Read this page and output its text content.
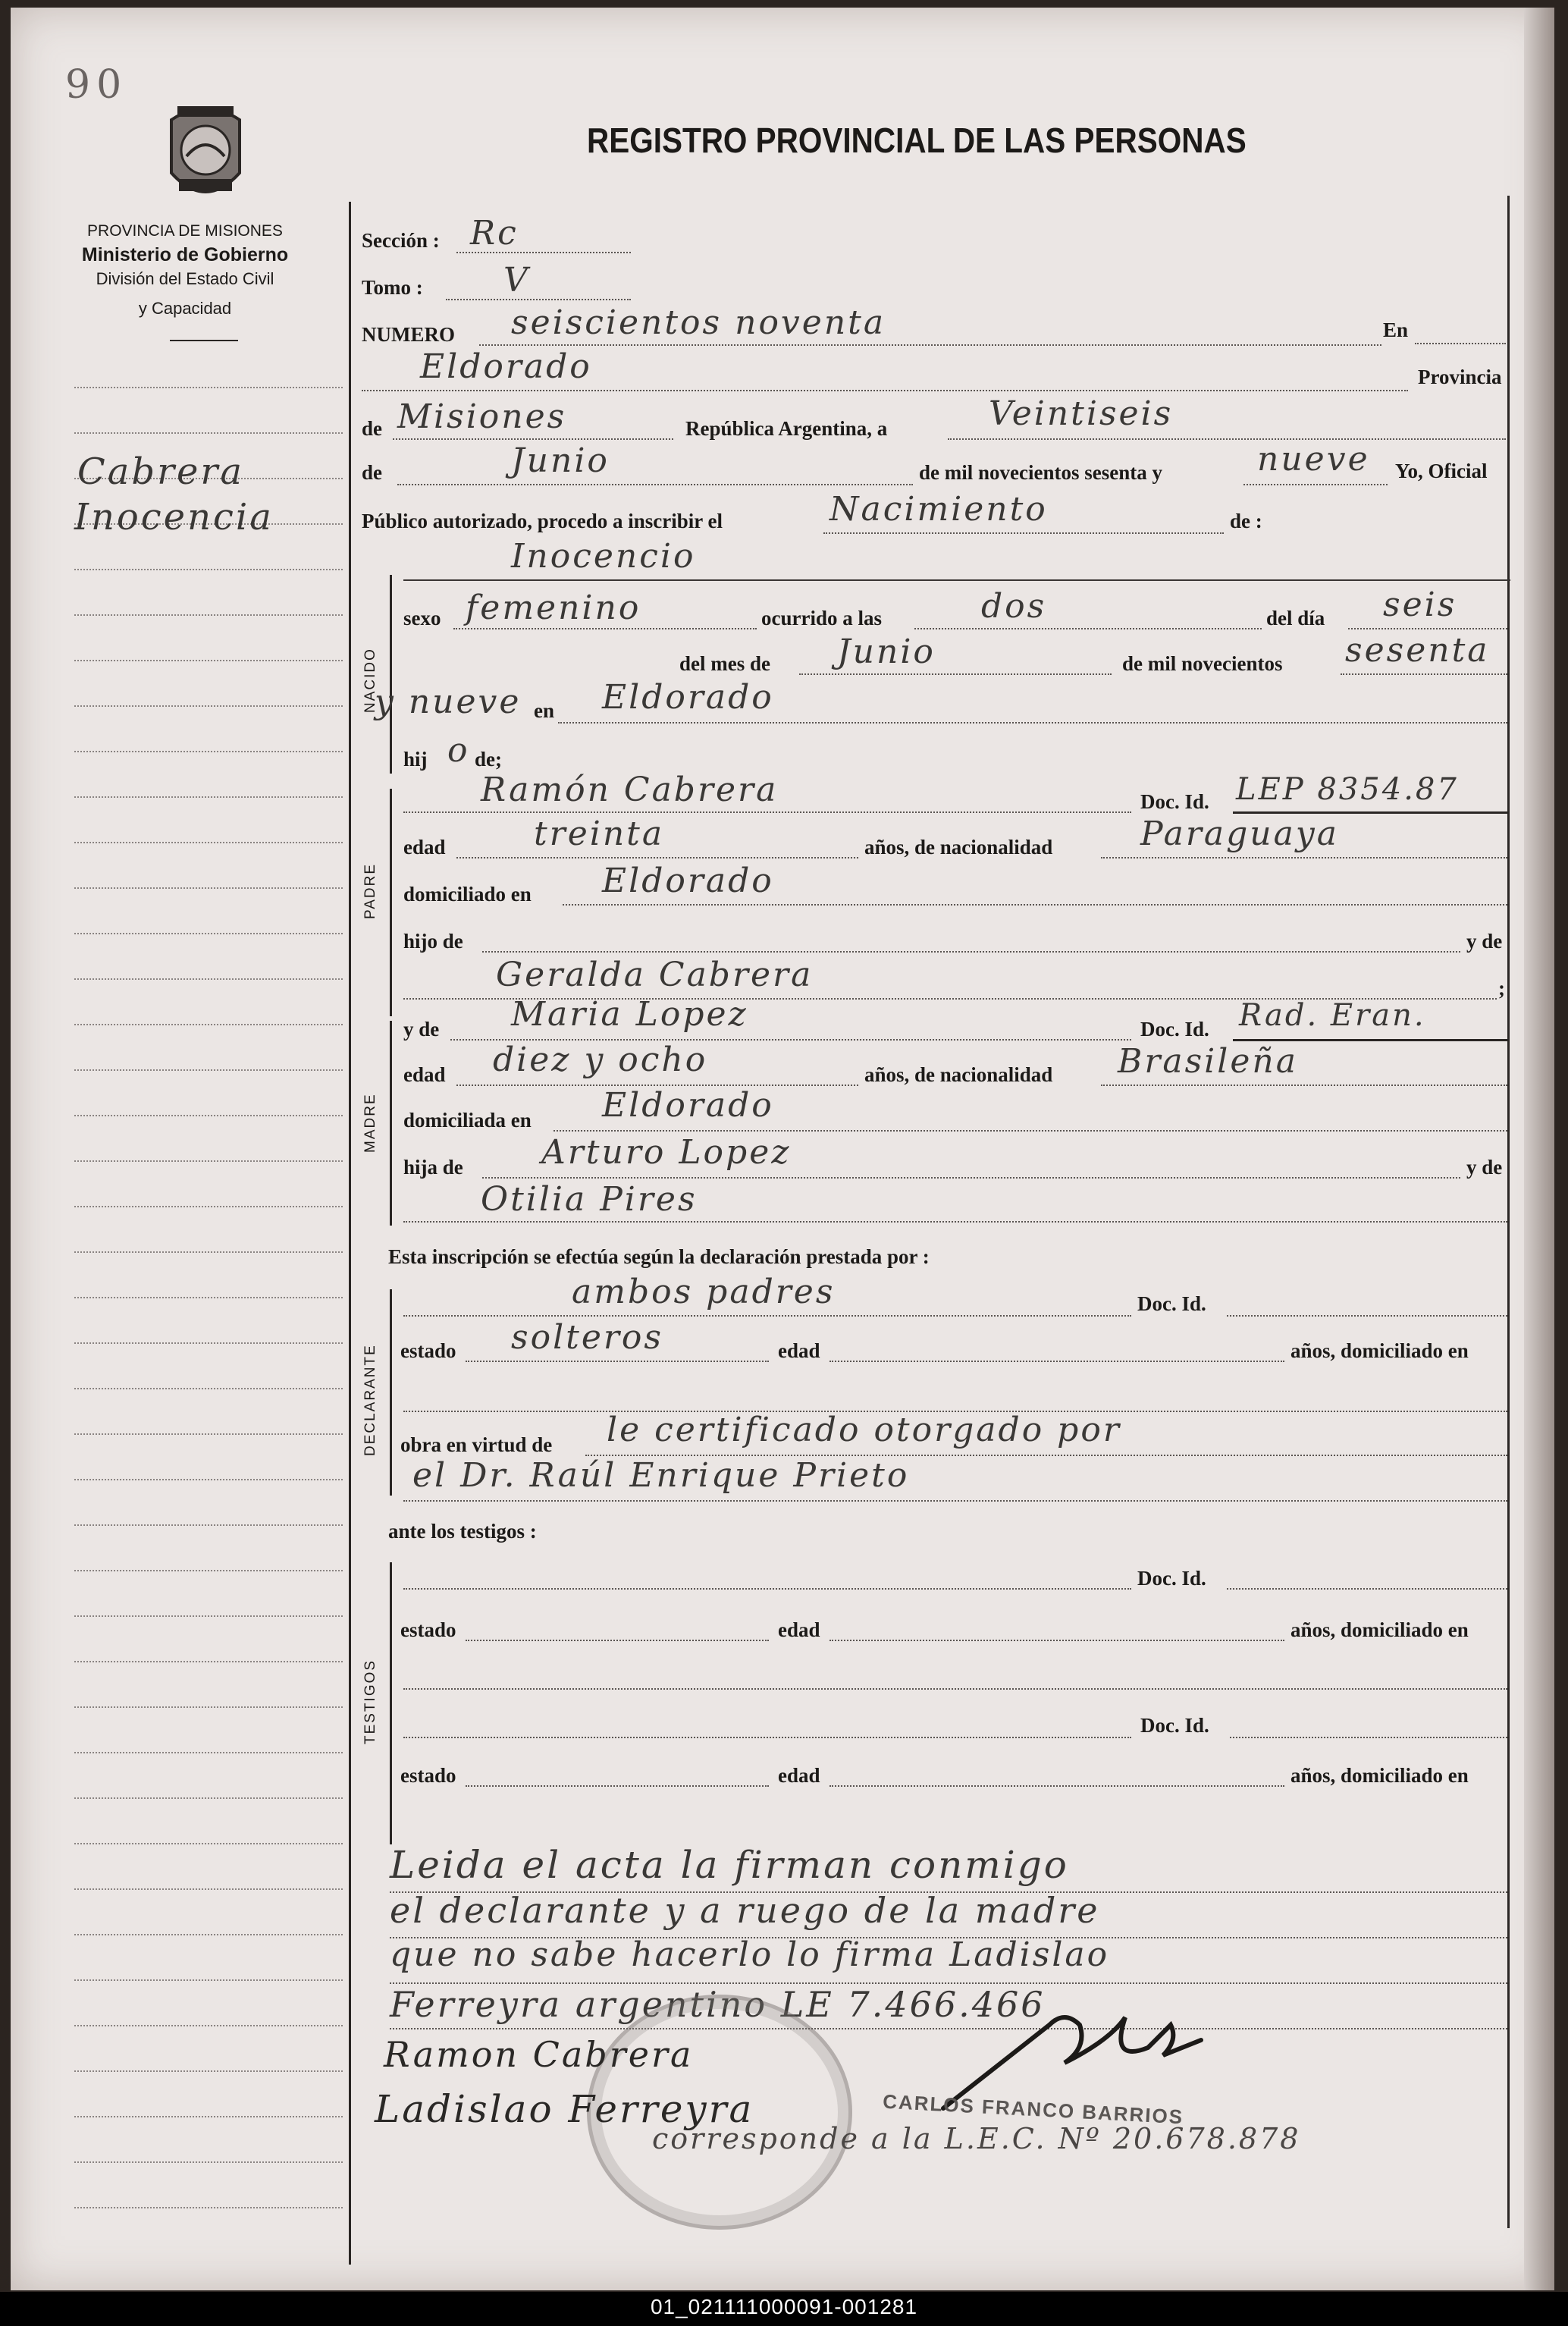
90
PROVINCIA DE MISIONES
Ministerio de Gobierno
División del Estado Civil
y Capacidad
REGISTRO PROVINCIAL DE LAS PERSONAS
Cabrera
Inocencia
Sección : Rc
Tomo : V
NUMERO seiscientos noventa	En
Eldorado	Provincia
de Misiones	República Argentina, a	Veintiseis
de	Junio	de mil novecientos sesenta y	nueve Yo, Oficial
Público autorizado, procedo a inscribir el	Nacimiento	de :
NACIDO
Inocencio
sexo femenino	ocurrido a las	dos	del día seis
del mes de Junio	de mil novecientos sesenta
y nueve en Eldorado
hij o de;
PADRE
Ramón Cabrera	Doc. Id. LEP 8354.87
edad	treinta	años, de nacionalidad	Paraguaya
domiciliado en Eldorado
hijo de	y de
Geralda Cabrera	;
MADRE
y de Maria Lopez	Doc. Id. Rad. Eran.
edad diez y ocho	años, de nacionalidad Brasileña
domiciliada en Eldorado
hija de Arturo Lopez	y de
Otilia Pires
Esta inscripción se efectúa según la declaración prestada por :
DECLARANTE
ambos padres	Doc. Id.
estado solteros	edad	años, domiciliado en
obra en virtud de le certificado otorgado por
el Dr. Raúl Enrique Prieto
ante los testigos :
TESTIGOS
Doc. Id.
estado	edad	años, domiciliado en
Doc. Id.
estado	edad	años, domiciliado en
Leida el acta la firman conmigo
el declarante y a ruego de la madre
que no sabe hacerlo lo firma Ladislao
Ferreyra argentino LE 7.466.466
Ramon Cabrera
Ladislao Ferreyra	CARLOS FRANCO BARRIOS
corresponde a la L.E.C. Nº 20.678.878
01_021111000091-001281
